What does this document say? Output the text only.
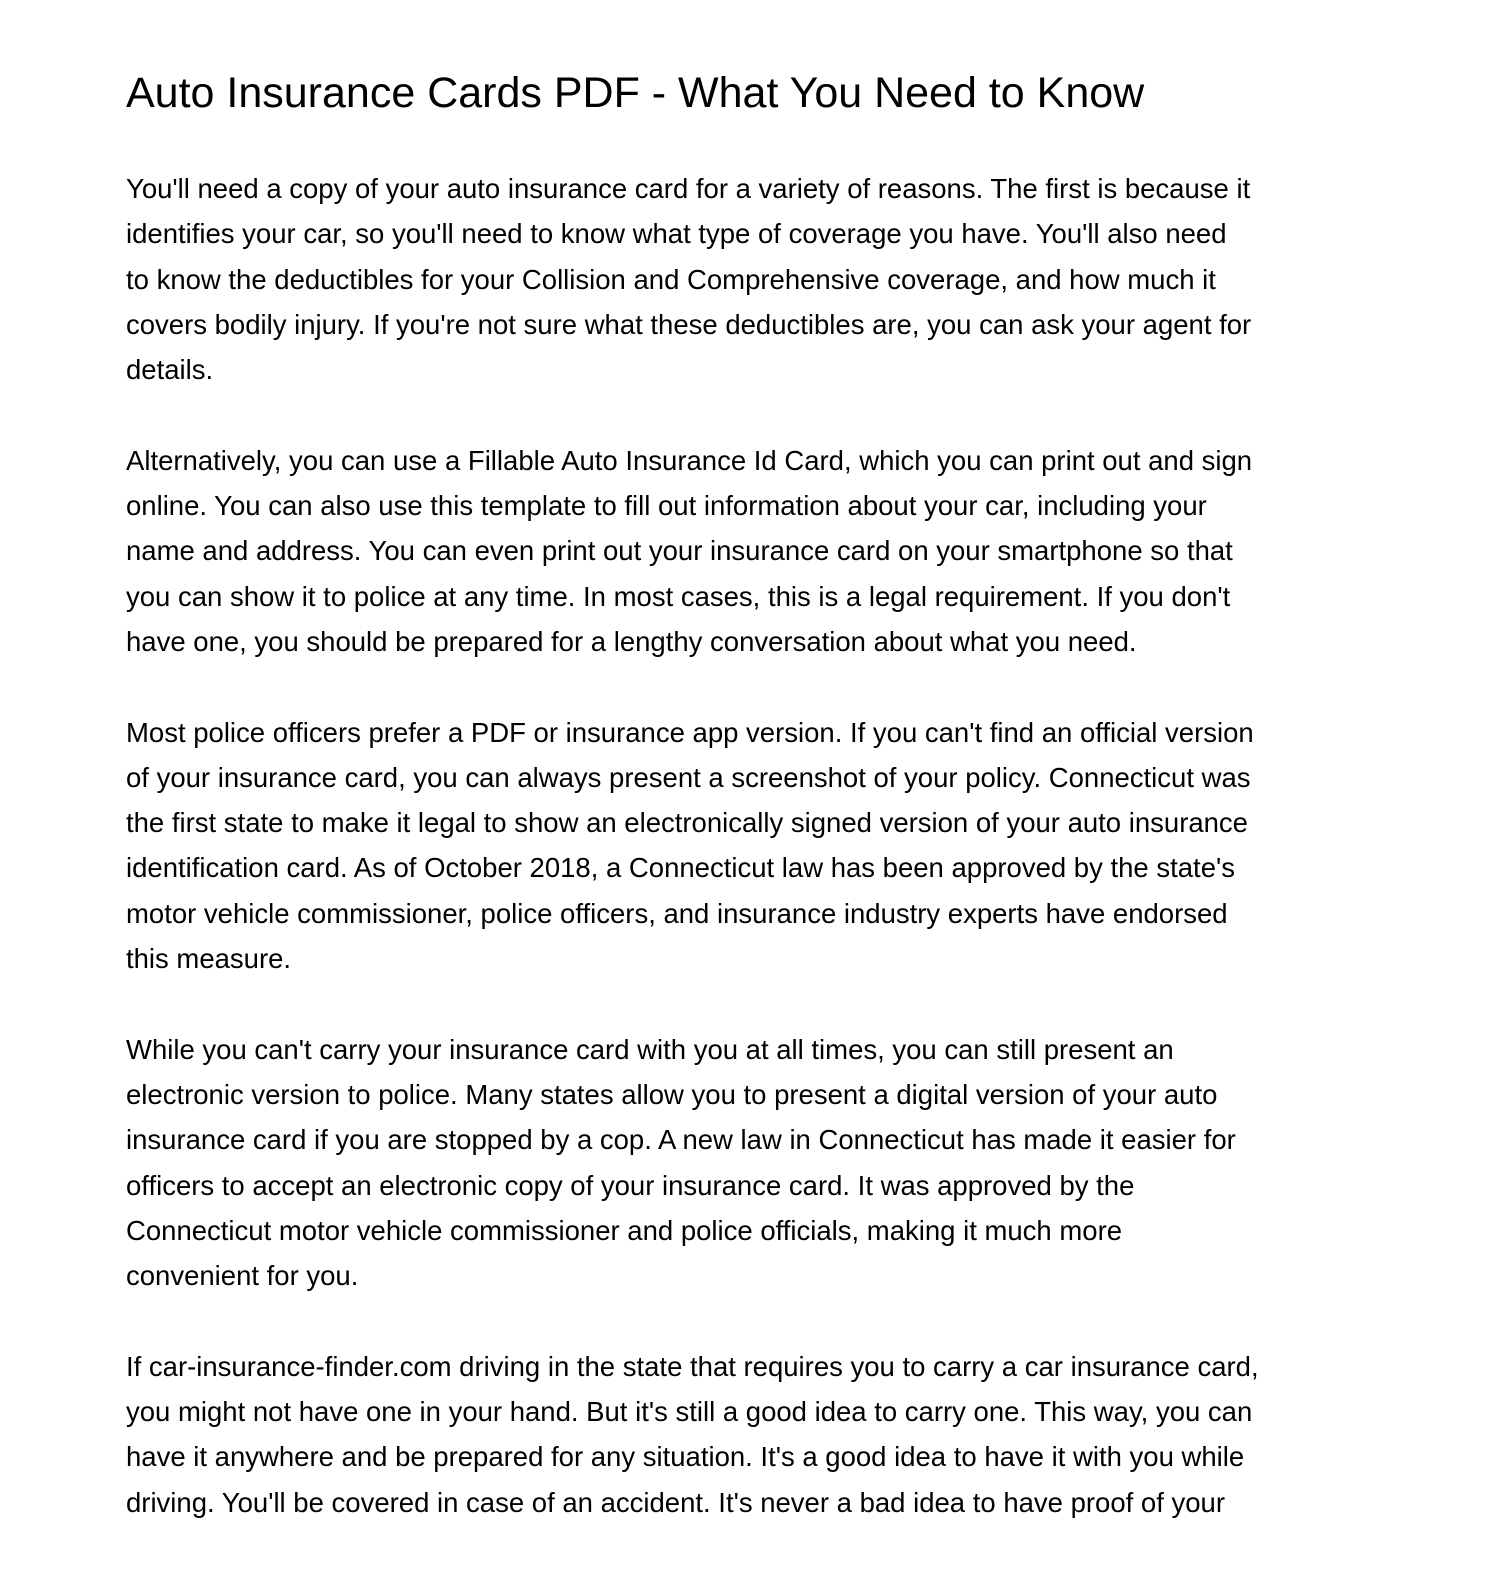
Auto Insurance Cards PDF - What You Need to Know

You'll need a copy of your auto insurance card for a variety of reasons. The first is because it
identifies your car, so you'll need to know what type of coverage you have. You'll also need
to know the deductibles for your Collision and Comprehensive coverage, and how much it
covers bodily injury. If you're not sure what these deductibles are, you can ask your agent for
details.

Alternatively, you can use a Fillable Auto Insurance Id Card, which you can print out and sign
online. You can also use this template to fill out information about your car, including your
name and address. You can even print out your insurance card on your smartphone so that
you can show it to police at any time. In most cases, this is a legal requirement. If you don't
have one, you should be prepared for a lengthy conversation about what you need.

Most police officers prefer a PDF or insurance app version. If you can't find an official version
of your insurance card, you can always present a screenshot of your policy. Connecticut was
the first state to make it legal to show an electronically signed version of your auto insurance
identification card. As of October 2018, a Connecticut law has been approved by the state's
motor vehicle commissioner, police officers, and insurance industry experts have endorsed
this measure.

While you can't carry your insurance card with you at all times, you can still present an
electronic version to police. Many states allow you to present a digital version of your auto
insurance card if you are stopped by a cop. A new law in Connecticut has made it easier for
officers to accept an electronic copy of your insurance card. It was approved by the
Connecticut motor vehicle commissioner and police officials, making it much more
convenient for you.

If car-insurance-finder.com driving in the state that requires you to carry a car insurance card,
you might not have one in your hand. But it's still a good idea to carry one. This way, you can
have it anywhere and be prepared for any situation. It's a good idea to have it with you while
driving. You'll be covered in case of an accident. It's never a bad idea to have proof of your
